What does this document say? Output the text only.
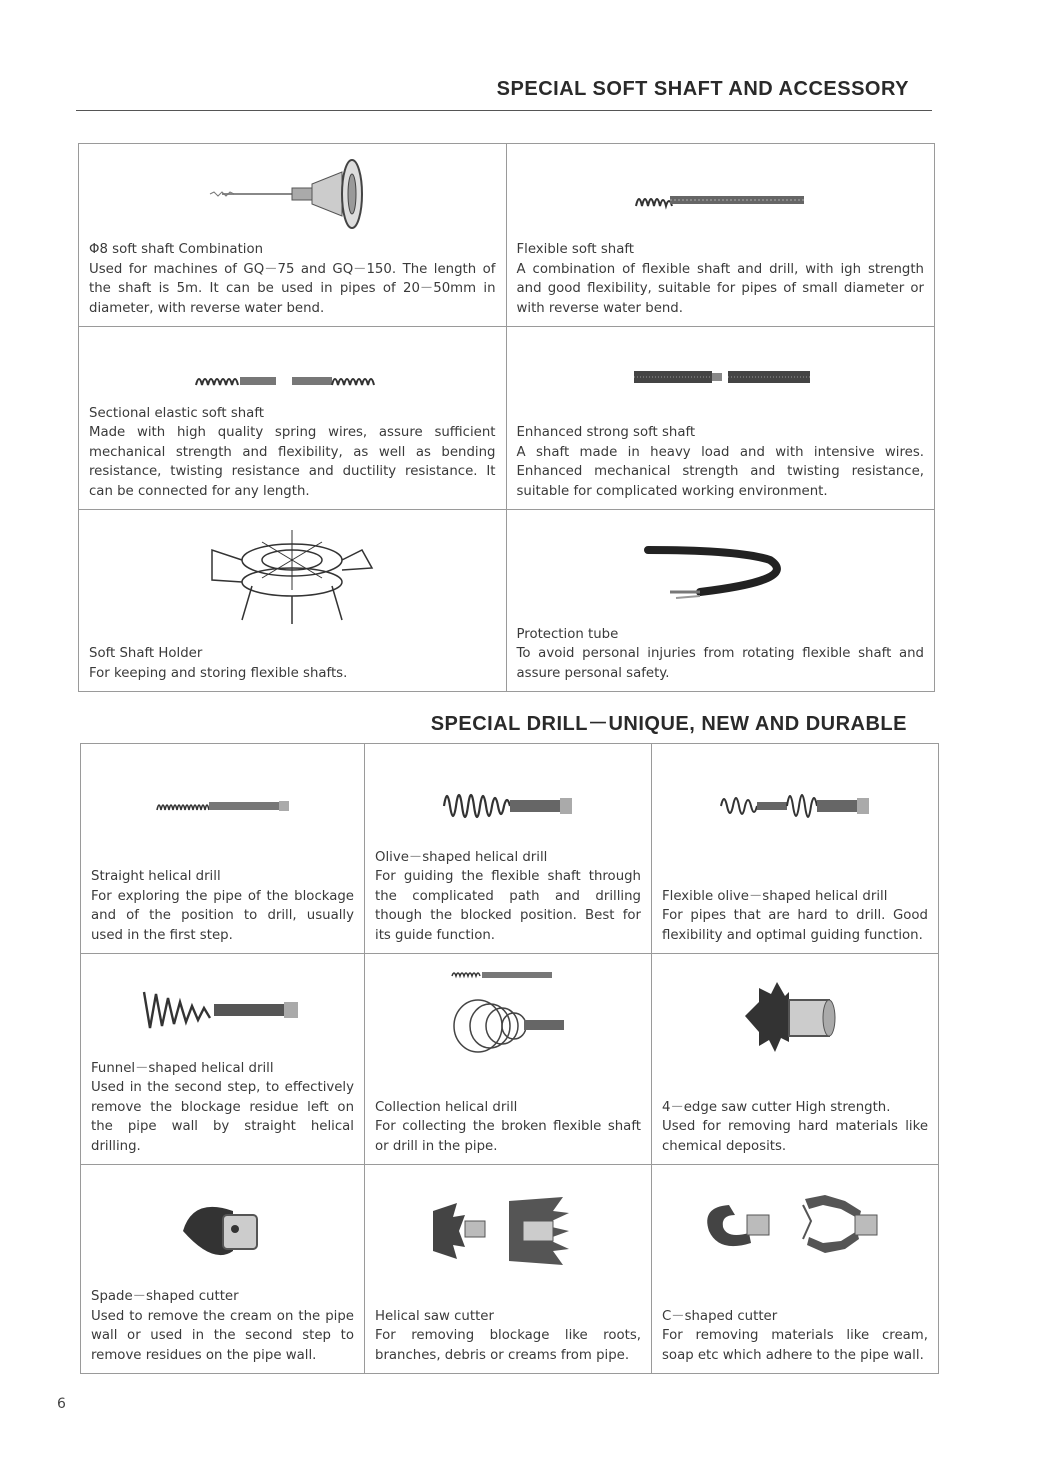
SPECIAL SOFT SHAFT AND ACCESSORY
Φ8 soft shaft Combination
Used for machines of GQ－75 and GQ－150. The length of the shaft is 5m. It can be used in pipes of 20－50mm in diameter, with reverse water bend.
Flexible soft shaft
A combination of flexible shaft and drill, with igh strength and good flexibility, suitable for pipes of small diameter or with reverse water bend.
Sectional elastic soft shaft
Made with high quality spring wires, assure sufficient mechanical strength and flexibility, as well as bending resistance, twisting resistance and ductility resistance. It can be connected for any length.
Enhanced strong soft shaft
A shaft made in heavy load and with intensive wires. Enhanced mechanical strength and twisting resistance, suitable for complicated working environment.
Soft Shaft Holder
For keeping and storing flexible shafts.
Protection tube
To avoid personal injuries from rotating flexible shaft and assure personal safety.
SPECIAL DRILL－UNIQUE, NEW AND DURABLE
Straight helical drill
For exploring the pipe of the blockage and of the position to drill, usually used in the first step.
Olive－shaped helical drill
For guiding the flexible shaft through the complicated path and drilling though the blocked position. Best for its guide function.
Flexible olive－shaped helical drill
For pipes that are hard to drill. Good flexibility and optimal guiding function.
Funnel－shaped helical drill
Used in the second step, to effectively remove the blockage residue left on the pipe wall by straight helical drilling.
Collection helical drill
For collecting the broken flexible shaft or drill in the pipe.
4－edge saw cutter High strength.
Used for removing hard materials like chemical deposits.
Spade－shaped cutter
Used to remove the cream on the pipe wall or used in the second step to remove residues on the pipe wall.
Helical saw cutter
For removing blockage like roots, branches, debris or creams from pipe.
C－shaped cutter
For removing materials like cream, soap etc which adhere to the pipe wall.
6
